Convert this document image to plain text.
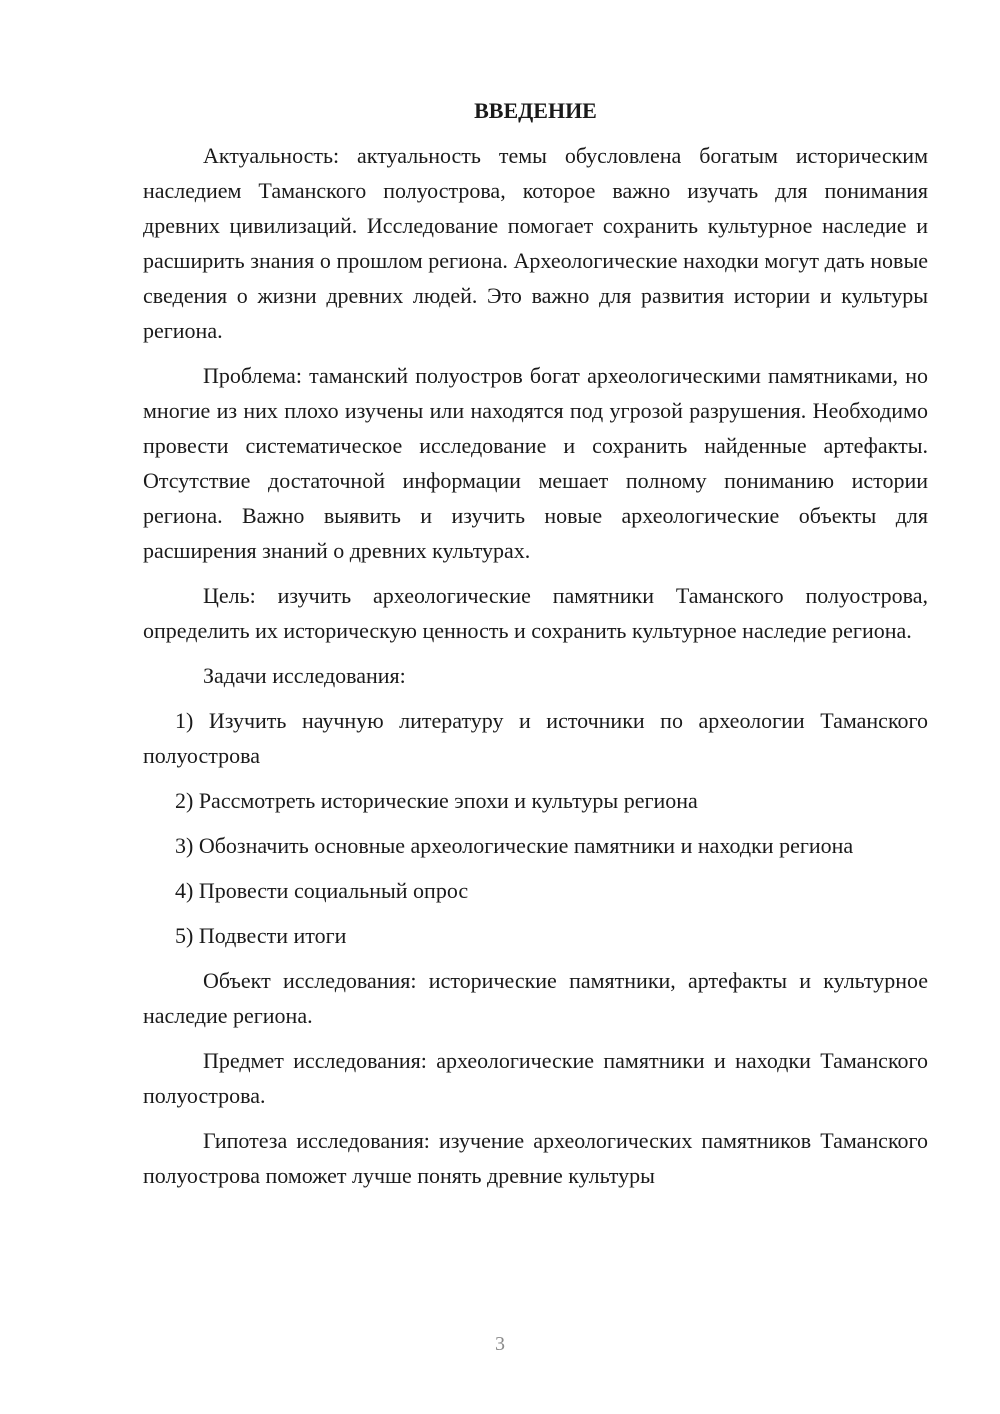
ВВЕДЕНИЕ

Актуальность: актуальность темы обусловлена богатым историческим наследием Таманского полуострова, которое важно изучать для понимания древних цивилизаций. Исследование помогает сохранить культурное наследие и расширить знания о прошлом региона. Археологические находки могут дать новые сведения о жизни древних людей. Это важно для развития истории и культуры региона.

Проблема: таманский полуостров богат археологическими памятниками, но многие из них плохо изучены или находятся под угрозой разрушения. Необходимо провести систематическое исследование и сохранить найденные артефакты. Отсутствие достаточной информации мешает полному пониманию истории региона. Важно выявить и изучить новые археологические объекты для расширения знаний о древних культурах.

Цель: изучить археологические памятники Таманского полуострова, определить их историческую ценность и сохранить культурное наследие региона.

Задачи исследования:

1) Изучить научную литературу и источники по археологии Таманского полуострова

2) Рассмотреть исторические эпохи и культуры региона

3) Обозначить основные археологические памятники и находки региона

4) Провести социальный опрос

5) Подвести итоги

Объект исследования: исторические памятники, артефакты и культурное наследие региона.

Предмет исследования: археологические памятники и находки Таманского полуострова.

Гипотеза исследования: изучение археологических памятников Таманского полуострова поможет лучше понять древние культуры

3
